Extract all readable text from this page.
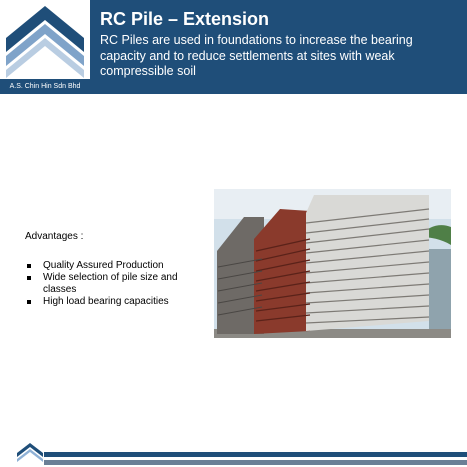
A.S. Chin Hin Sdn Bhd
RC Pile – Extension

RC Piles are used in foundations to increase the bearing capacity and to reduce settlements at sites with weak compressible soil

Advantages :

Quality Assured Production
Wide selection of pile size and classes
High load bearing capacities
